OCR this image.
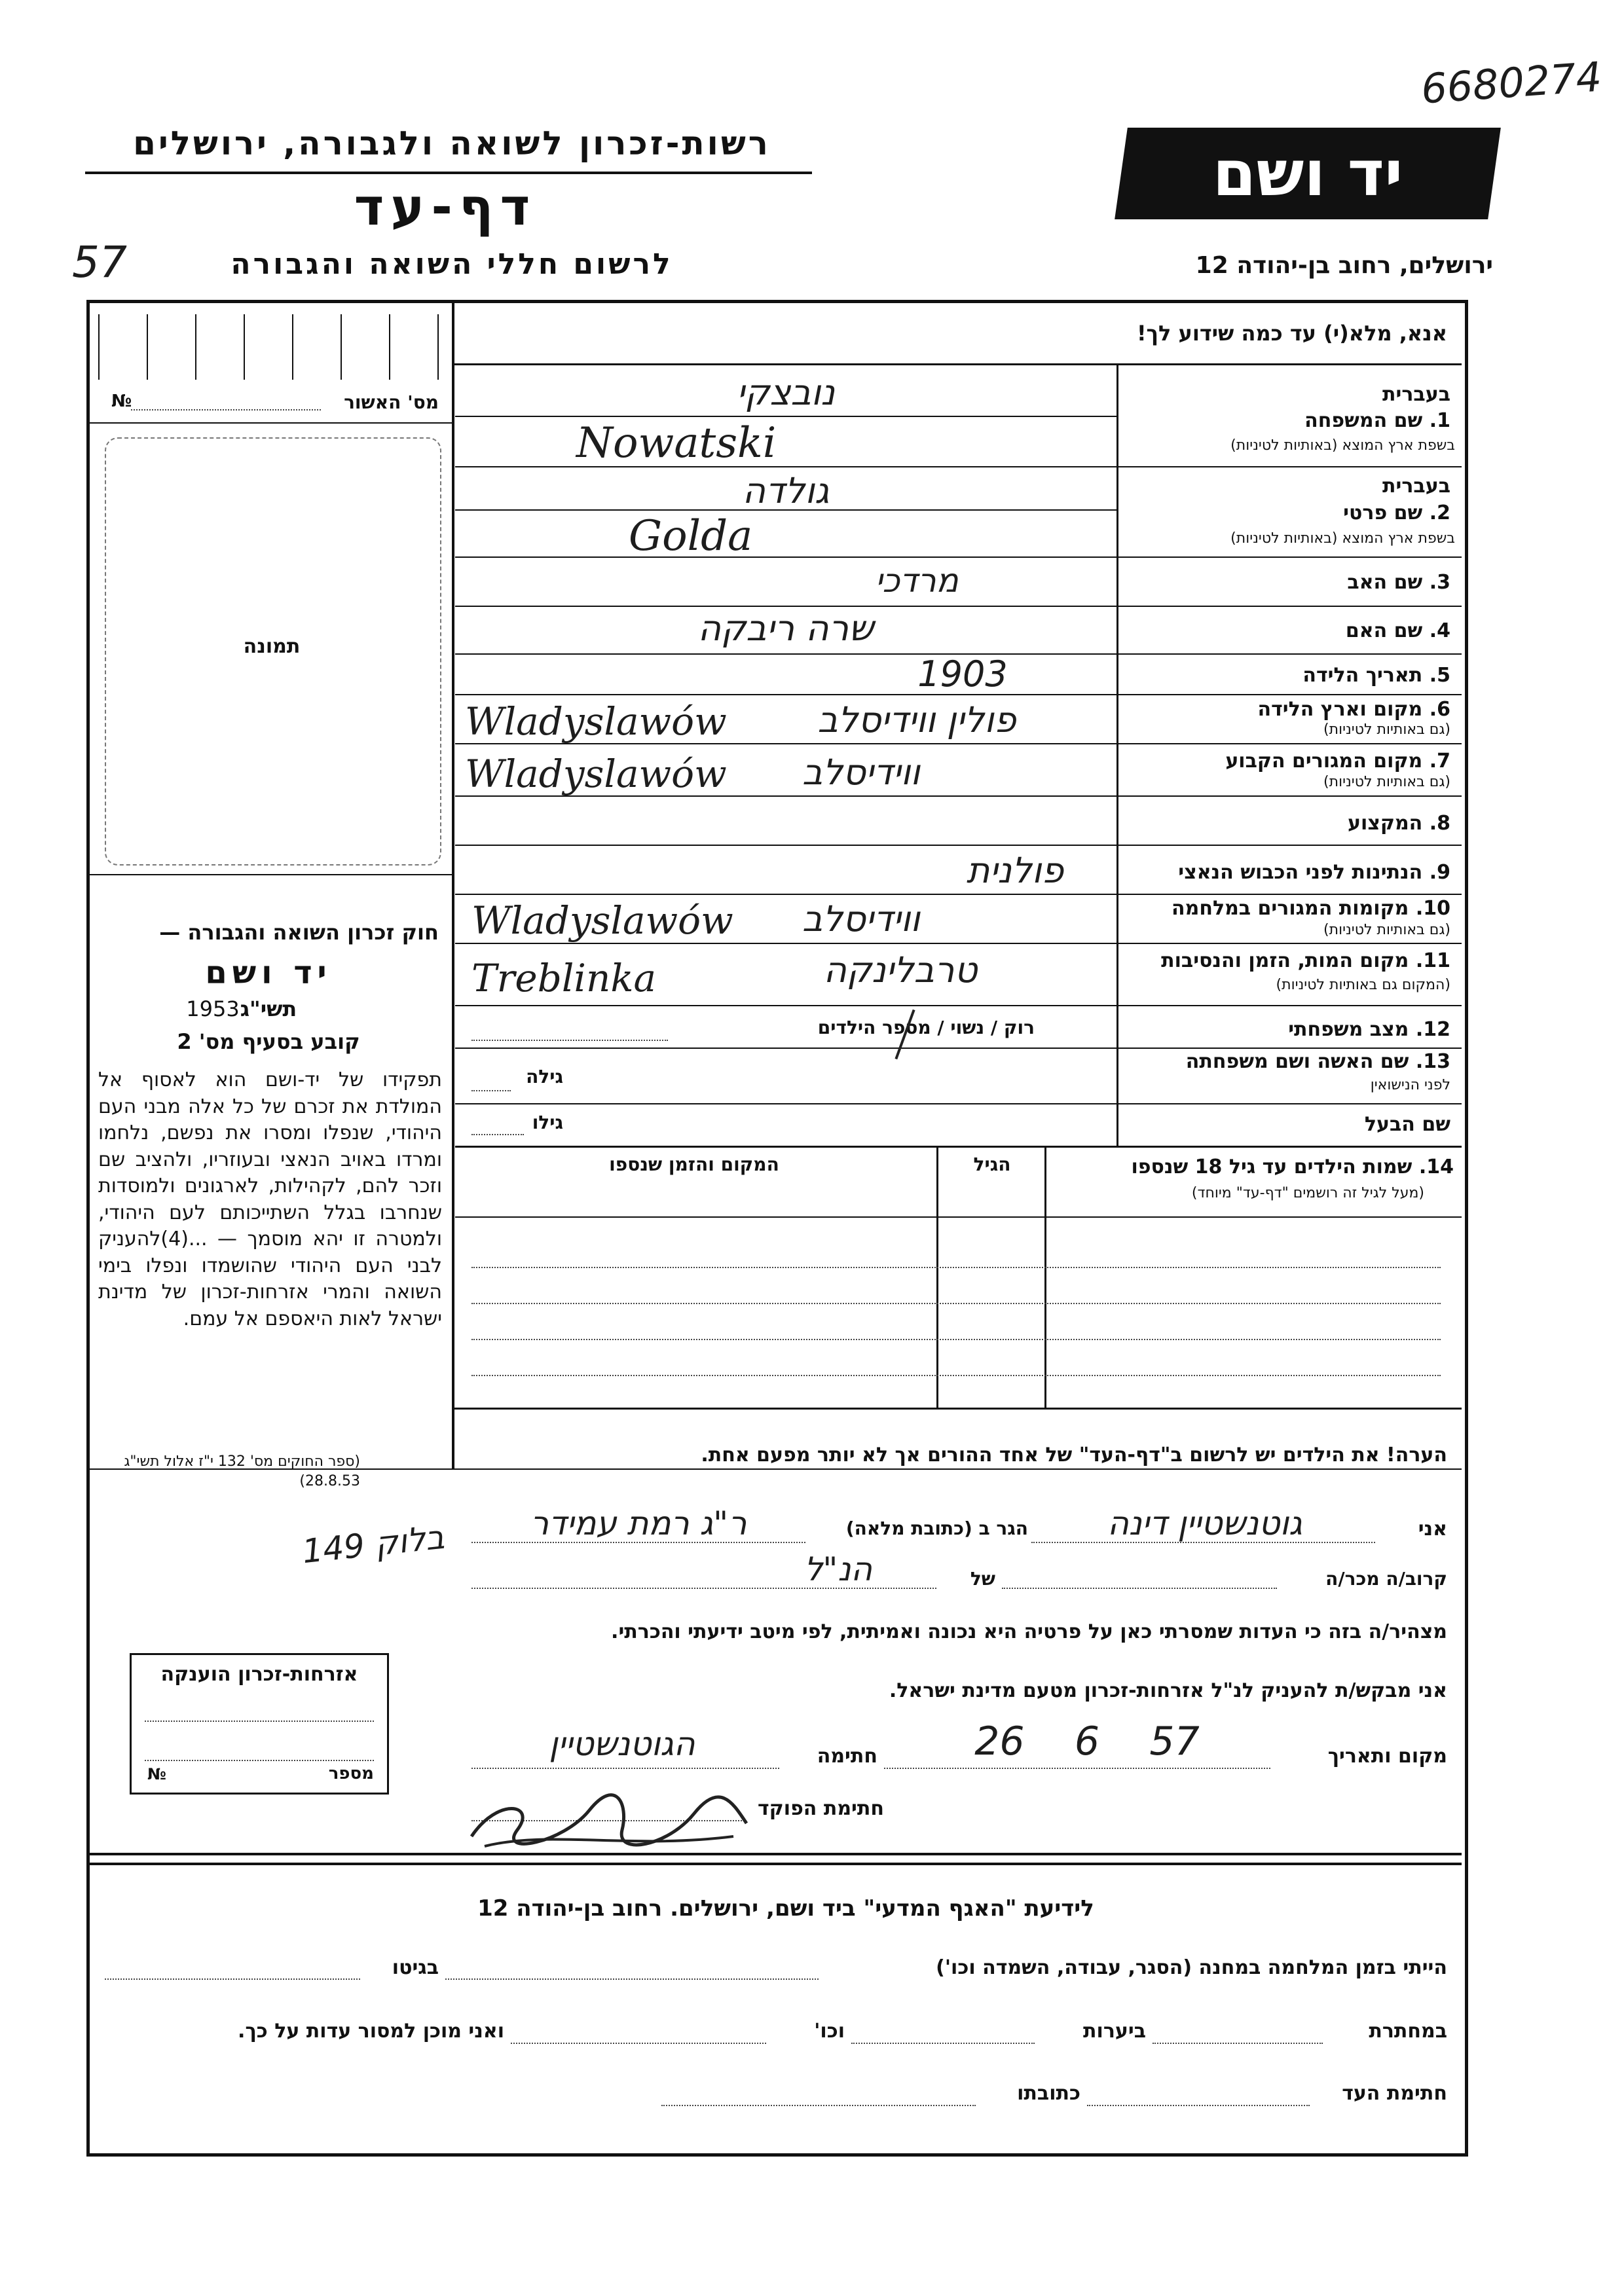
6680274
רשות-זכרון לשואה ולגבורה, ירושלים	יד ושם
דף-עד
57	לרשום חללי השואה והגבורה	ירושלים, רחוב בן-יהודה 12
מס' האשור
№
תמונה
חוק זכרון השואה והגבורה —
יד ושם
תשי"ג
1953
קובע בסעיף מס' 2
תפקידו של יד-ושם הוא לאסוף אל המולדת את זכרם של כל אלה מבני העם היהודי, שנפלו ומסרו את נפשם, נלחמו ומרדו באויב הנאצי ובעוזריו, ולהציב שם וזכר להם, לקהילות, לארגונים ולמוסדות שנחרבו בגלל השתייכותם לעם היהודי, ולמטרה זו יהא מוסמך — ...(4)להעניק לבני העם היהודי שהושמדו ונפלו בימי השואה והמרי אזרחות-זכרון של מדינת ישראל לאות היאספם אל עמם.
(ספר החוקים מס' 132 י"ז אלול תשי"ג 28.8.53)
אנא, מלא(י) עד כמה שידוע לך!
בעברית
1. שם המשפחה
בשפת ארץ המוצא (באותיות לטיניות)
נובצקי
Nowatski
בעברית
2. שם פרטי
בשפת ארץ המוצא (באותיות לטיניות)
גולדה
Golda
3. שם האב
מרדכי
4. שם האם
שרה ריבקה
5. תאריך הלידה
1903
6. מקום וארץ הלידה
(גם באותיות לטיניות)
פולין ווידיסלב
Wladyslawów
7. מקום המגורים הקבוע
(גם באותיות לטיניות)
ווידיסלב
Wladyslawów
8. המקצוע
9. הנתינות לפני הכבוש הנאצי
פולנית
10. מקומות המגורים במלחמה
(גם באותיות לטיניות)
ווידיסלב
Wladyslawów
11. מקום המות, הזמן והנסיבות
(המקום גם באותיות לטיניות)
טרבלינקה
Treblinka
12. מצב משפחתי
רוק / נשוי / מספר הילדים
13. שם האשה ושם משפחתה
לפני הנישואין
גילה
שם הבעל
גילו
14. שמות הילדים עד גיל 18 שנספו
(מעל לגיל זה רושמים "דף-עד" מיוחד)
הגיל
המקום והזמן שנספו
הערה! את הילדים יש לרשום ב"דף-העד" של אחד ההורים אך לא יותר מפעם אחת.
אני
גוטנשטיין דינה
הגר ב (כתובת מלאה)
ר"ג רמת עמידר
בלוק 149
קרוב/ה מכר/ה
של
הנ"ל
מצהיר/ה בזה כי העדות שמסרתי כאן על פרטיה היא נכונה ואמיתית, לפי מיטב ידיעתי והכרתי.
אני מבקש/ת להעניק לנ"ל אזרחות-זכרון מטעם מדינת ישראל.
מקום ותאריך
26 6 57
חתימה
הגוטנשטיין
חתימת הפוקד
אזרחות-זכרון הוענקה
מספר
№
לידיעת "האגף המדעי" ביד ושם, ירושלים. רחוב בן-יהודה 12
הייתי בזמן המלחמה במחנה (הסגר, עבודה, השמדה וכו')
בגיטו
במחתרת
ביערות
וכו'
ואני מוכן למסור עדות על כך.
חתימת העד
כתובתו
